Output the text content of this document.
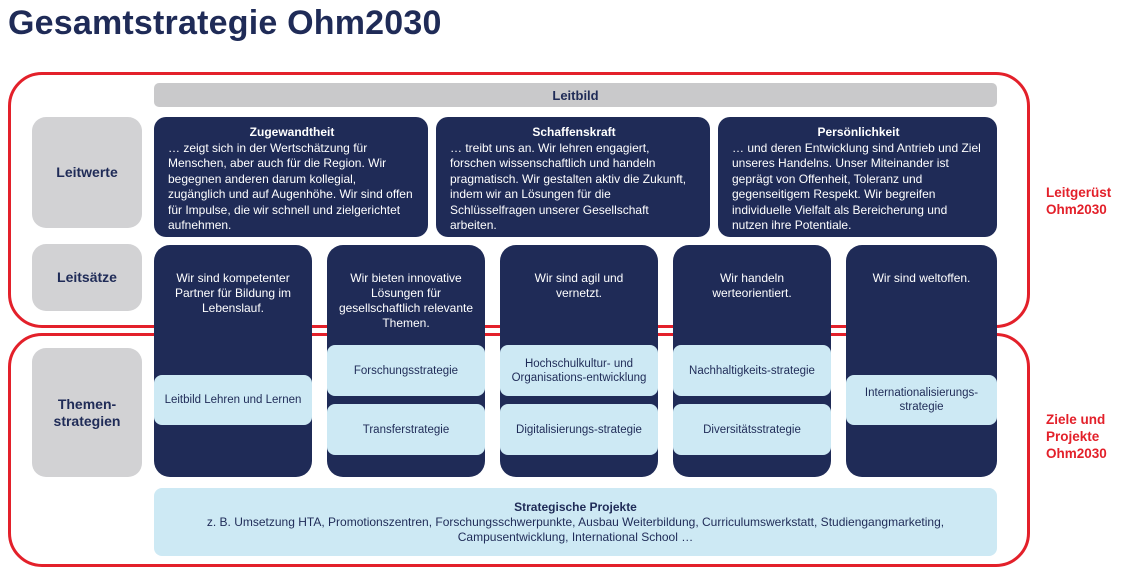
Gesamtstrategie Ohm2030
Leitbild
Leitwerte
Leitsätze
Themen-
strategien
Zugewandtheit
… zeigt sich in der Wertschätzung für Menschen, aber auch für die Region. Wir begegnen anderen darum kollegial, zugänglich und auf Augenhöhe. Wir sind offen für Impulse, die wir schnell und zielgerichtet aufnehmen.
Schaffenskraft
… treibt uns an. Wir lehren engagiert, forschen wissenschaftlich und handeln pragmatisch. Wir gestalten aktiv die Zukunft, indem wir an Lösungen für die Schlüsselfragen unserer Gesellschaft arbeiten.
Persönlichkeit
… und deren Entwicklung sind Antrieb und Ziel unseres Handelns. Unser Miteinander ist geprägt von Offenheit, Toleranz und gegenseitigem Respekt. Wir begreifen individuelle Vielfalt als Bereicherung und nutzen ihre Potentiale.
Wir sind kompetenter Partner für Bildung im Lebenslauf.
Wir bieten innovative Lösungen für gesellschaftlich relevante Themen.
Wir sind agil und vernetzt.
Wir handeln werteorientiert.
Wir sind weltoffen.
Leitbild Lehren und Lernen
Forschungsstrategie
Transferstrategie
Hochschulkultur- und Organisations-entwicklung
Digitalisierungs-strategie
Nachhaltigkeits-strategie
Diversitätsstrategie
Internationalisierungs-strategie
Strategische Projekte
z. B. Umsetzung HTA, Promotionszentren, Forschungsschwerpunkte, Ausbau Weiterbildung, Curriculumswerkstatt, Studiengangmarketing, Campusentwicklung, International School …
Leitgerüst
Ohm2030
Ziele und
Projekte
Ohm2030
